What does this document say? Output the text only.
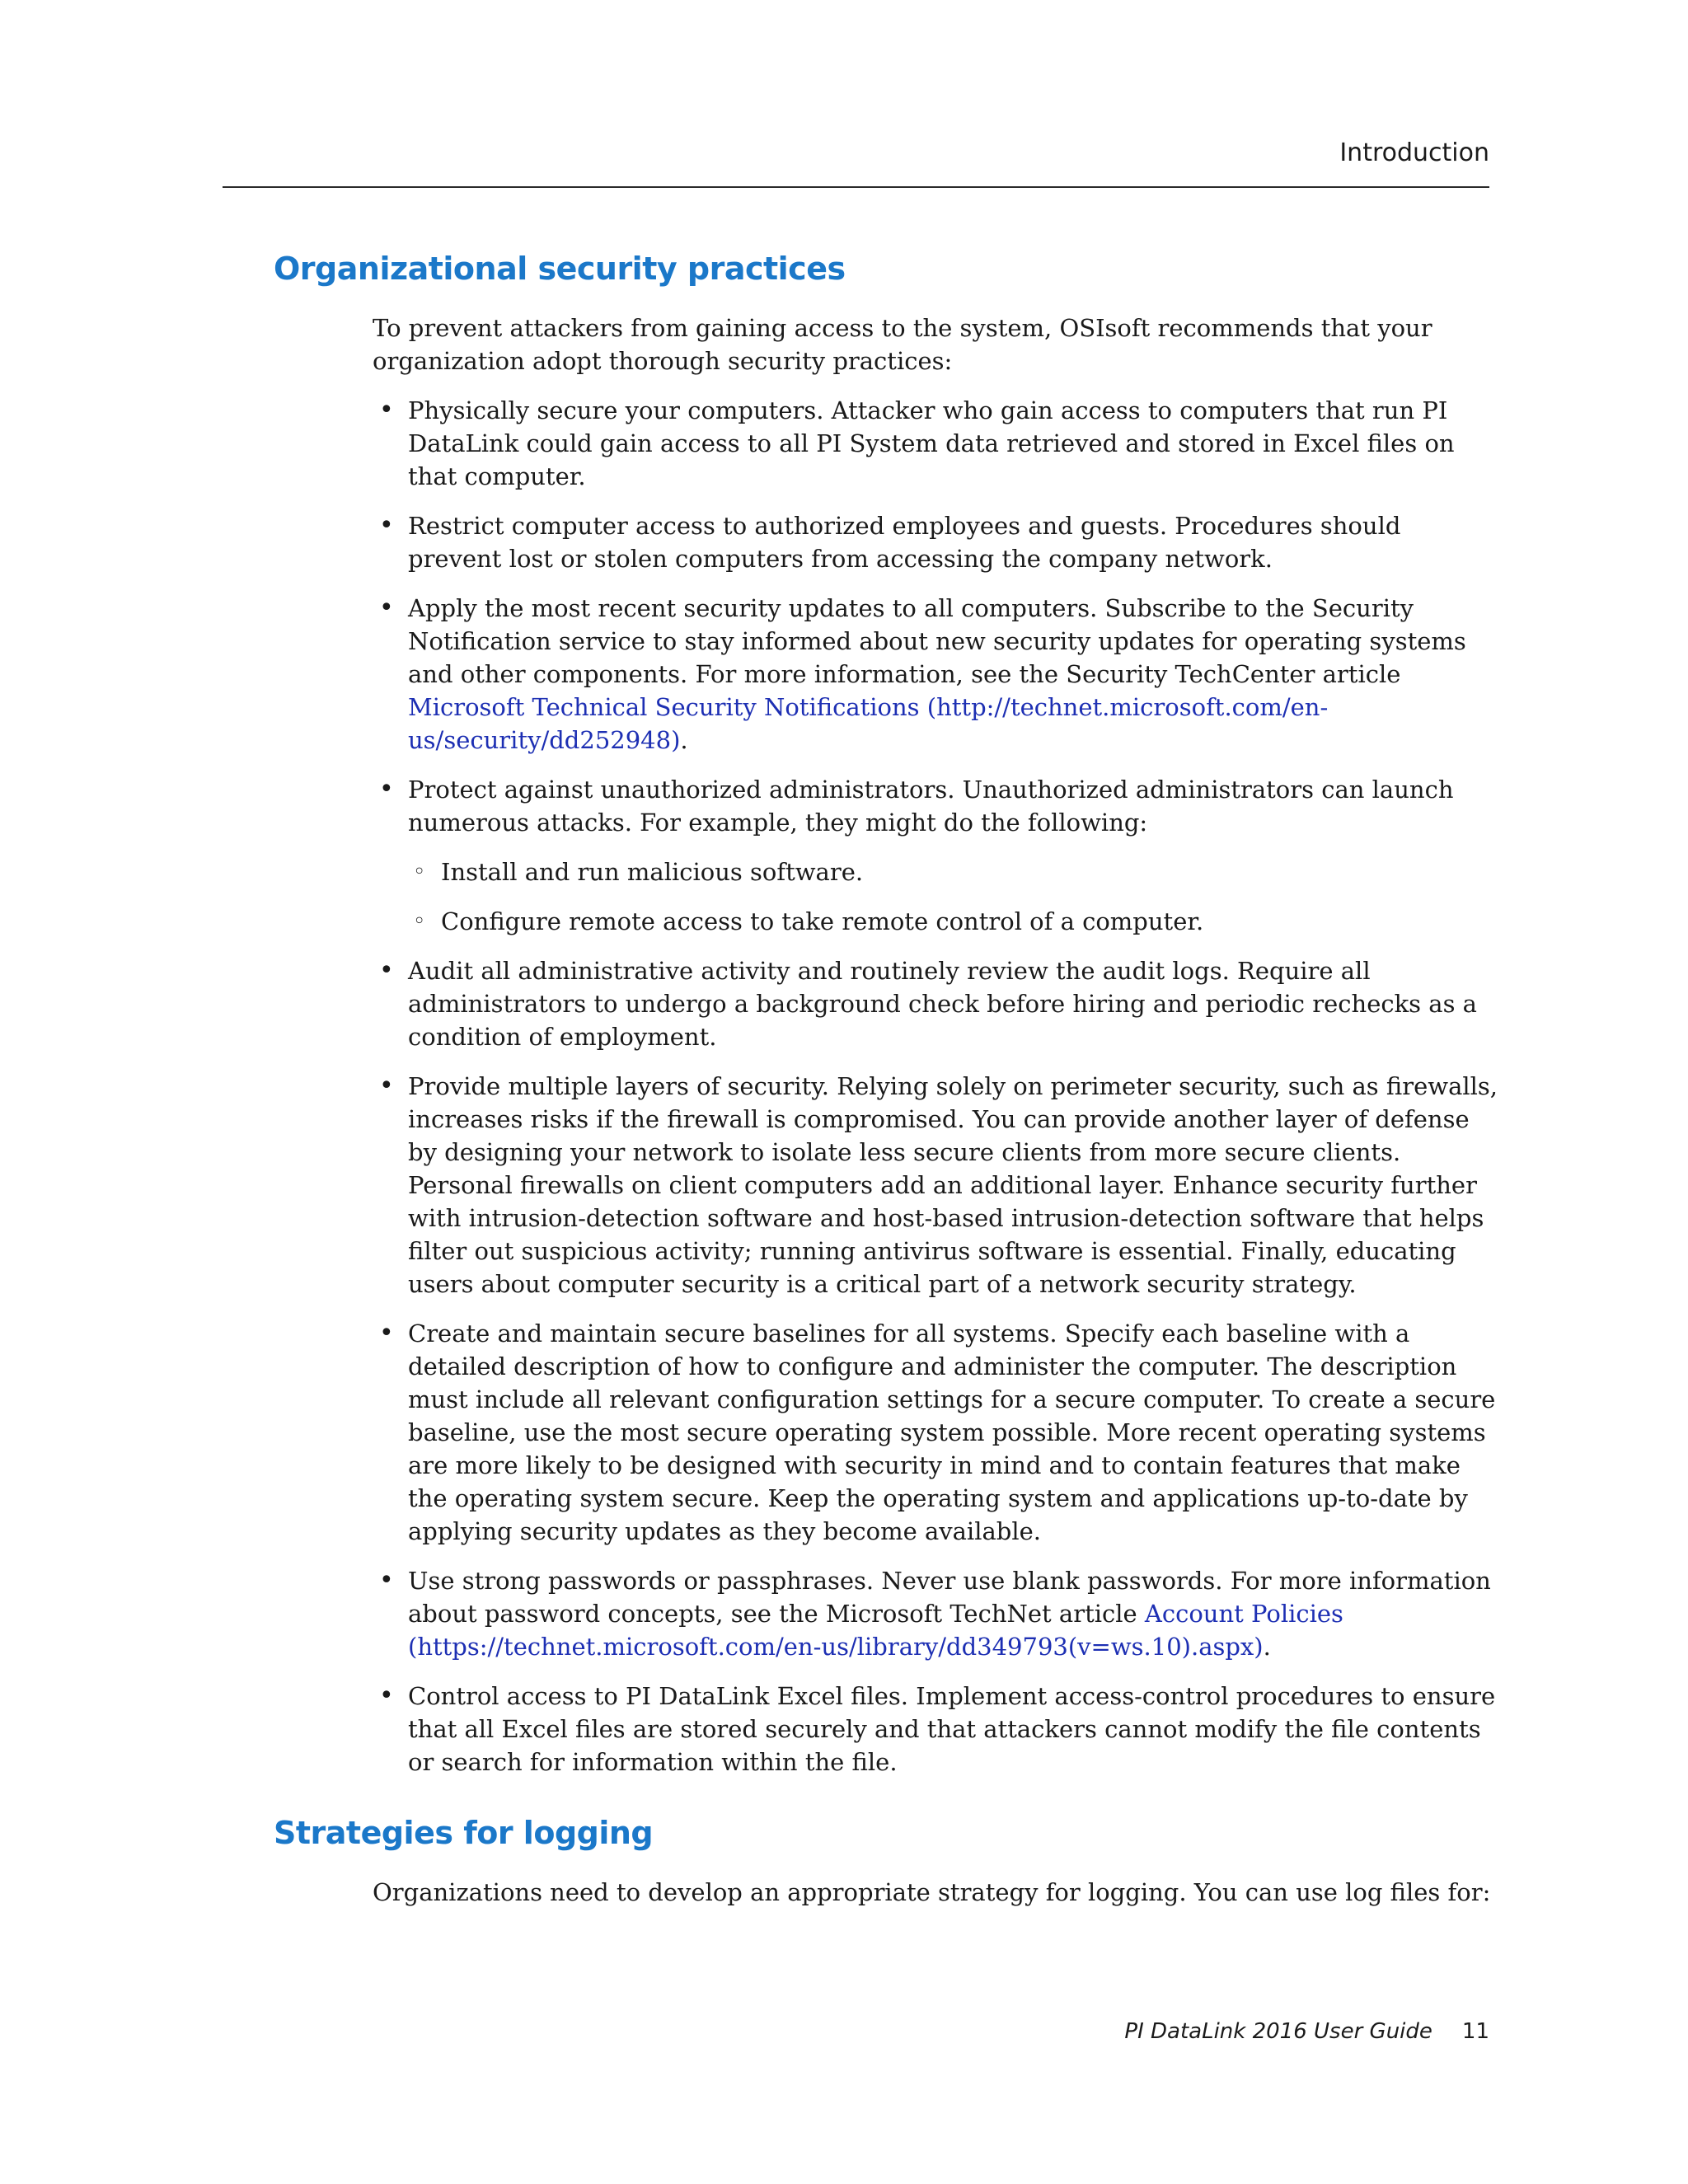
Introduction
Organizational security practices

To prevent attackers from gaining access to the system, OSIsoft recommends that your organization adopt thorough security practices:

• Physically secure your computers. Attacker who gain access to computers that run PI DataLink could gain access to all PI System data retrieved and stored in Excel files on that computer.
• Restrict computer access to authorized employees and guests. Procedures should prevent lost or stolen computers from accessing the company network.
• Apply the most recent security updates to all computers. Subscribe to the Security Notification service to stay informed about new security updates for operating systems and other components. For more information, see the Security TechCenter article Microsoft Technical Security Notifications (http://technet.microsoft.com/en-us/security/dd252948).
• Protect against unauthorized administrators. Unauthorized administrators can launch numerous attacks. For example, they might do the following:
◦ Install and run malicious software.
◦ Configure remote access to take remote control of a computer.
• Audit all administrative activity and routinely review the audit logs. Require all administrators to undergo a background check before hiring and periodic rechecks as a condition of employment.
• Provide multiple layers of security. Relying solely on perimeter security, such as firewalls, increases risks if the firewall is compromised. You can provide another layer of defense by designing your network to isolate less secure clients from more secure clients. Personal firewalls on client computers add an additional layer. Enhance security further with intrusion-detection software and host-based intrusion-detection software that helps filter out suspicious activity; running antivirus software is essential. Finally, educating users about computer security is a critical part of a network security strategy.
• Create and maintain secure baselines for all systems. Specify each baseline with a detailed description of how to configure and administer the computer. The description must include all relevant configuration settings for a secure computer. To create a secure baseline, use the most secure operating system possible. More recent operating systems are more likely to be designed with security in mind and to contain features that make the operating system secure. Keep the operating system and applications up-to-date by applying security updates as they become available.
• Use strong passwords or passphrases. Never use blank passwords. For more information about password concepts, see the Microsoft TechNet article Account Policies (https://technet.microsoft.com/en-us/library/dd349793(v=ws.10).aspx).
• Control access to PI DataLink Excel files. Implement access-control procedures to ensure that all Excel files are stored securely and that attackers cannot modify the file contents or search for information within the file.
Strategies for logging

Organizations need to develop an appropriate strategy for logging. You can use log files for:

PI DataLink 2016 User Guide 11
